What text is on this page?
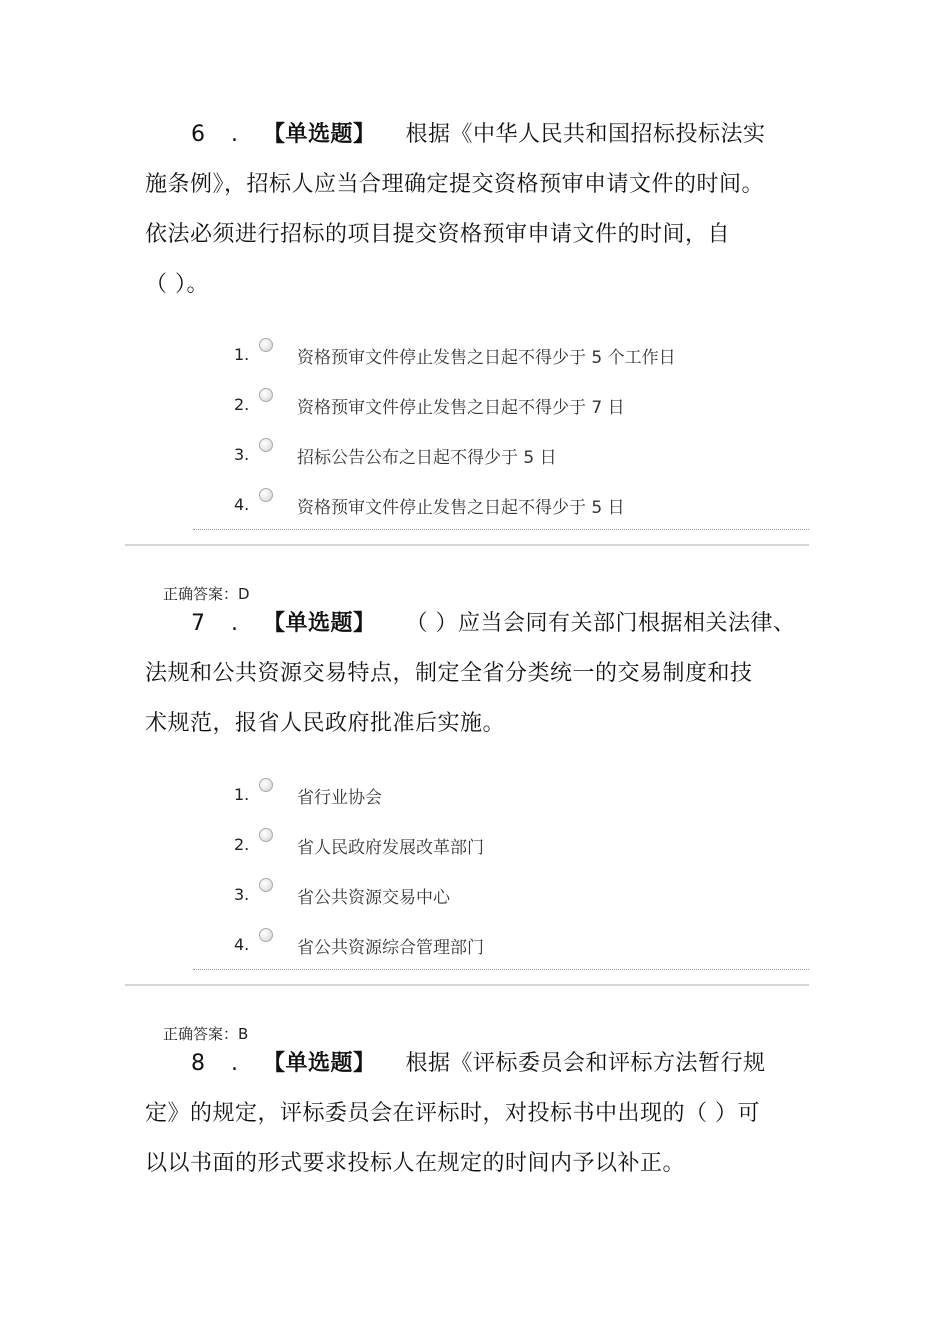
6 . 【单选题】 根据《中华人民共和国招标投标法实
施条例》，招标人应当合理确定提交资格预审申请文件的时间。
依法必须进行招标的项目提交资格预审申请文件的时间，自
（ ）。
1.	资格预审文件停止发售之日起不得少于 5 个工作日
2.	资格预审文件停止发售之日起不得少于 7 日
3.	招标公告公布之日起不得少于 5 日
4.	资格预审文件停止发售之日起不得少于 5 日
正确答案：D
7 . 【单选题】 （ ）应当会同有关部门根据相关法律、
法规和公共资源交易特点，制定全省分类统一的交易制度和技
术规范，报省人民政府批准后实施。
1.	省行业协会
2.	省人民政府发展改革部门
3.	省公共资源交易中心
4.	省公共资源综合管理部门
正确答案：B
8 . 【单选题】 根据《评标委员会和评标方法暂行规
定》的规定，评标委员会在评标时，对投标书中出现的（ ）可
以以书面的形式要求投标人在规定的时间内予以补正。
